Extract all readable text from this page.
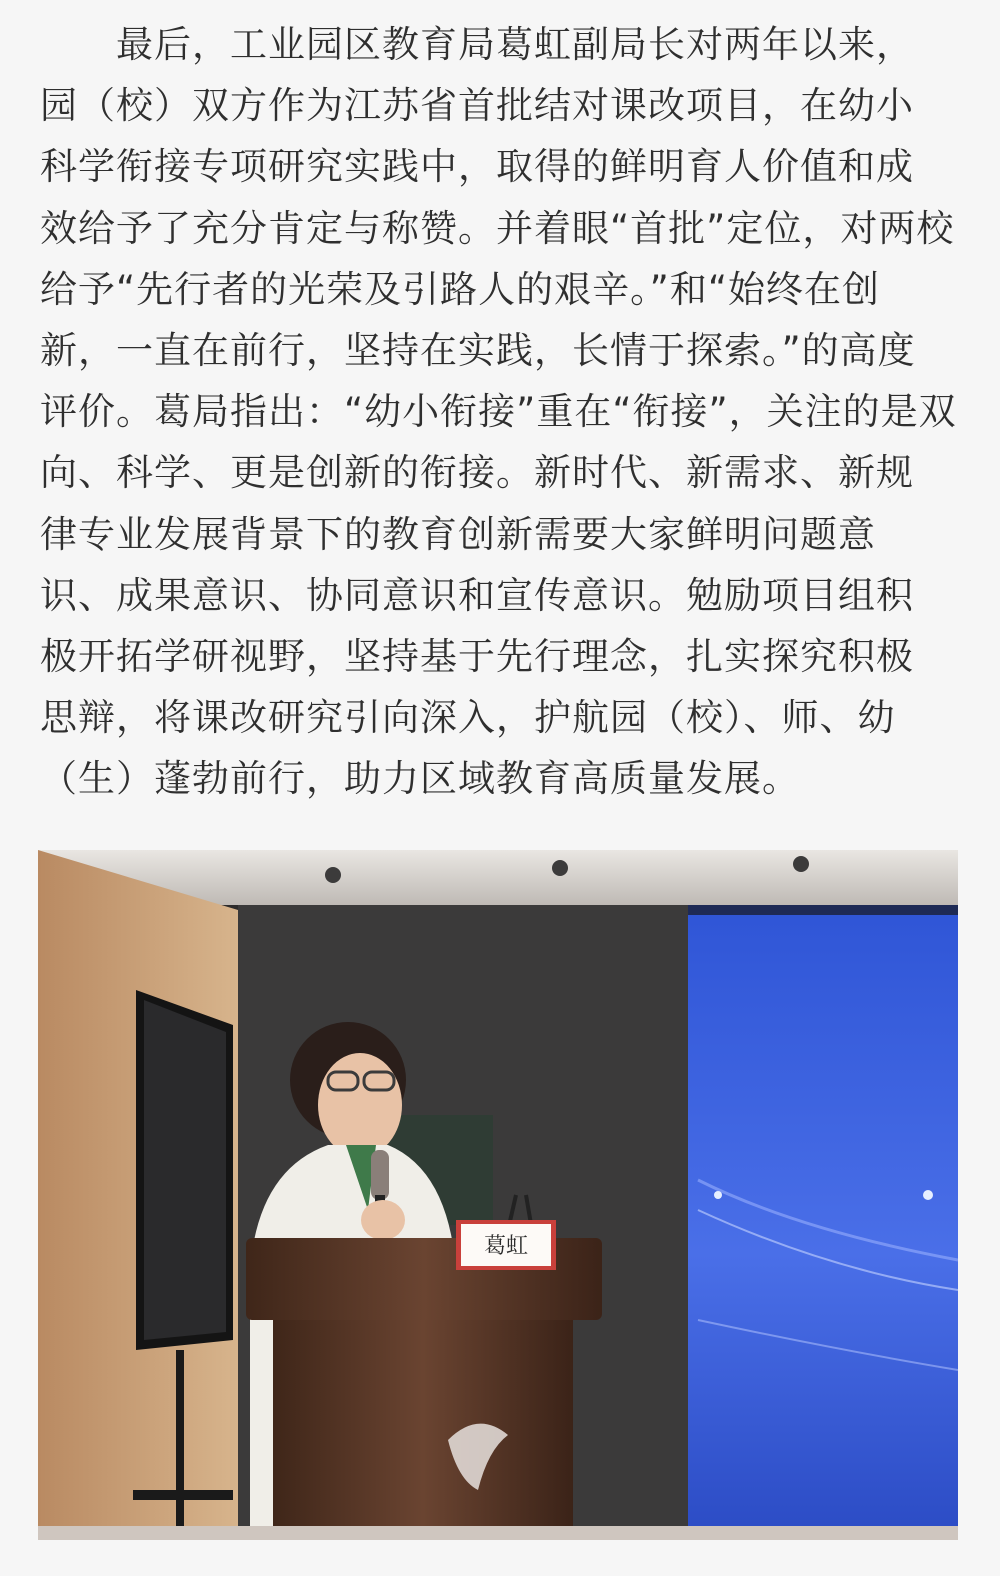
　　最后，工业园区教育局葛虹副局长对两年以来，
园（校）双方作为江苏省首批结对课改项目，在幼小
科学衔接专项研究实践中，取得的鲜明育人价值和成
效给予了充分肯定与称赞。并着眼“首批”定位，对两校
给予“先行者的光荣及引路人的艰辛。”和“始终在创
新，一直在前行，坚持在实践，长情于探索。”的高度
评价。葛局指出：“幼小衔接”重在“衔接”，关注的是双
向、科学、更是创新的衔接。新时代、新需求、新规
律专业发展背景下的教育创新需要大家鲜明问题意
识、成果意识、协同意识和宣传意识。勉励项目组积
极开拓学研视野，坚持基于先行理念，扎实探究积极
思辩，将课改研究引向深入，护航园（校）、师、幼
（生）蓬勃前行，助力区域教育高质量发展。
葛虹
